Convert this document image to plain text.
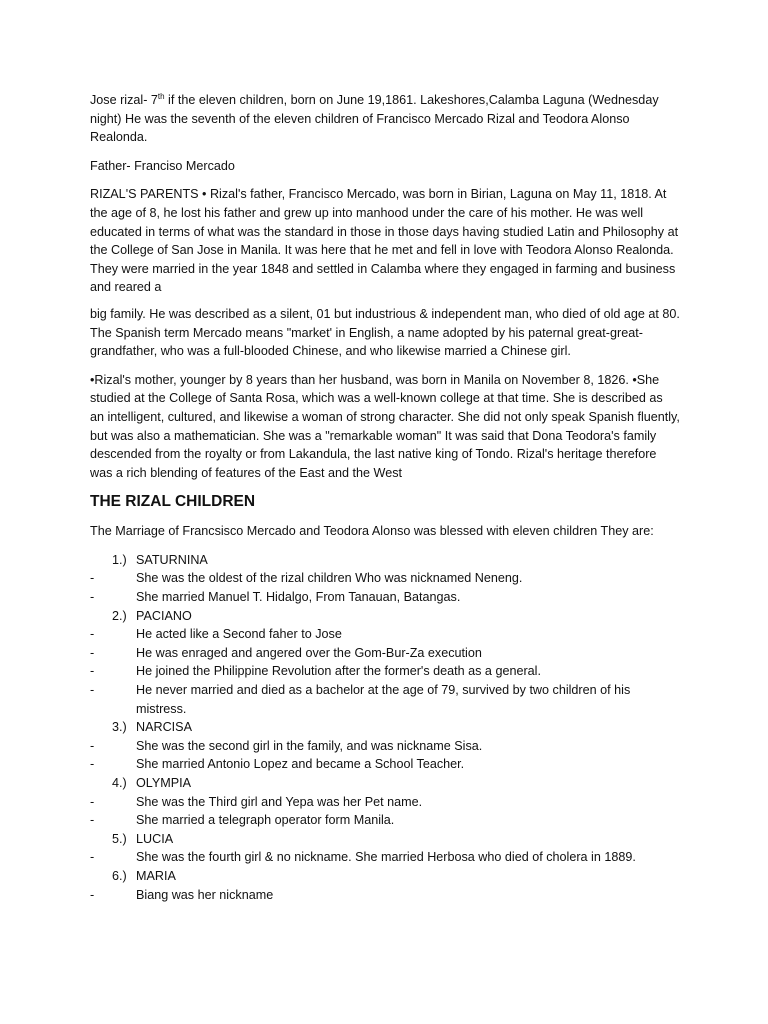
Jose rizal- 7th if the eleven children, born on June 19,1861. Lakeshores,Calamba Laguna (Wednesday night) He was the seventh of the eleven children of Francisco Mercado Rizal and Teodora Alonso Realonda.

Father- Franciso Mercado

RIZAL'S PARENTS • Rizal's father, Francisco Mercado, was born in Birian, Laguna on May 11, 1818. At the age of 8, he lost his father and grew up into manhood under the care of his mother. He was well educated in terms of what was the standard in those in those days having studied Latin and Philosophy at the College of San Jose in Manila. It was here that he met and fell in love with Teodora Alonso Realonda. They were married in the year 1848 and settled in Calamba where they engaged in farming and business and reared a

big family. He was described as a silent, 01 but industrious & independent man, who died of old age at 80. The Spanish term Mercado means "market' in English, a name adopted by his paternal great-great-grandfather, who was a full-blooded Chinese, and who likewise married a Chinese girl.

•Rizal's mother, younger by 8 years than her husband, was born in Manila on November 8, 1826. •She studied at the College of Santa Rosa, which was a well-known college at that time. She is described as an intelligent, cultured, and likewise a woman of strong character. She did not only speak Spanish fluently, but was also a mathematician. She was a "remarkable woman" It was said that Dona Teodora's family descended from the royalty or from Lakandula, the last native king of Tondo. Rizal's heritage therefore was a rich blending of features of the East and the West

THE RIZAL CHILDREN

The Marriage of Francsisco Mercado and Teodora Alonso was blessed with eleven children They are:

1.) SATURNINA
-	She was the oldest of the rizal children Who was nicknamed Neneng.
-	She married Manuel T. Hidalgo, From Tanauan, Batangas.
2.) PACIANO
-	He acted like a Second faher to Jose
-	He was enraged and angered over the Gom-Bur-Za execution
-	He joined the Philippine Revolution after the former's death as a general.
-	He never married and died as a bachelor at the age of 79, survived by two children of his mistress.
3.) NARCISA
-	She was the second girl in the family, and was nickname Sisa.
-	She married Antonio Lopez and became a School Teacher.
4.) OLYMPIA
-	She was the Third girl and Yepa was her Pet name.
-	She married a telegraph operator form Manila.
5.) LUCIA
-	She was the fourth girl & no nickname. She married Herbosa who died of cholera in 1889.
6.) MARIA
-	Biang was her nickname
